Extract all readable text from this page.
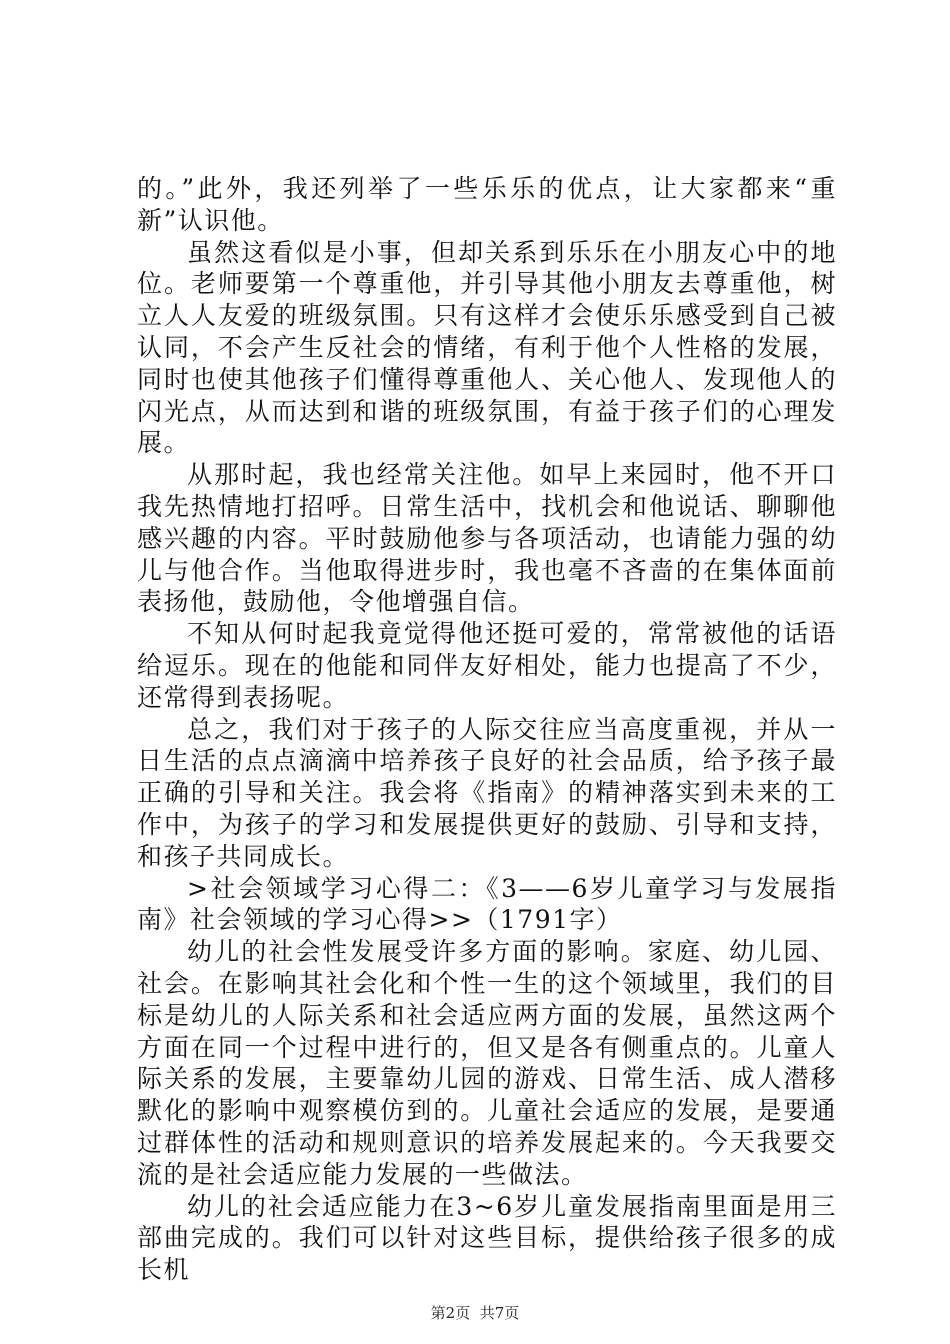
的。”此外，我还列举了一些乐乐的优点，让大家都来“重新”认识他。

虽然这看似是小事，但却关系到乐乐在小朋友心中的地位。老师要第一个尊重他，并引导其他小朋友去尊重他，树立人人友爱的班级氛围。只有这样才会使乐乐感受到自己被认同，不会产生反社会的情绪，有利于他个人性格的发展，同时也使其他孩子们懂得尊重他人、关心他人、发现他人的闪光点，从而达到和谐的班级氛围，有益于孩子们的心理发展。

从那时起，我也经常关注他。如早上来园时，他不开口我先热情地打招呼。日常生活中，找机会和他说话、聊聊他感兴趣的内容。平时鼓励他参与各项活动，也请能力强的幼儿与他合作。当他取得进步时，我也毫不吝啬的在集体面前表扬他，鼓励他，令他增强自信。

不知从何时起我竟觉得他还挺可爱的，常常被他的话语给逗乐。现在的他能和同伴友好相处，能力也提高了不少，还常得到表扬呢。

总之，我们对于孩子的人际交往应当高度重视，并从一日生活的点点滴滴中培养孩子良好的社会品质，给予孩子最正确的引导和关注。我会将《指南》的精神落实到未来的工作中，为孩子的学习和发展提供更好的鼓励、引导和支持，和孩子共同成长。

>社会领域学习心得二：《3——6岁儿童学习与发展指南》社会领域的学习心得>>（1791字）

幼儿的社会性发展受许多方面的影响。家庭、幼儿园、社会。在影响其社会化和个性一生的这个领域里，我们的目标是幼儿的人际关系和社会适应两方面的发展，虽然这两个方面在同一个过程中进行的，但又是各有侧重点的。儿童人际关系的发展，主要靠幼儿园的游戏、日常生活、成人潜移默化的影响中观察模仿到的。儿童社会适应的发展，是要通过群体性的活动和规则意识的培养发展起来的。今天我要交流的是社会适应能力发展的一些做法。

幼儿的社会适应能力在3~6岁儿童发展指南里面是用三部曲完成的。我们可以针对这些目标，提供给孩子很多的成长机

第2页 共7页
